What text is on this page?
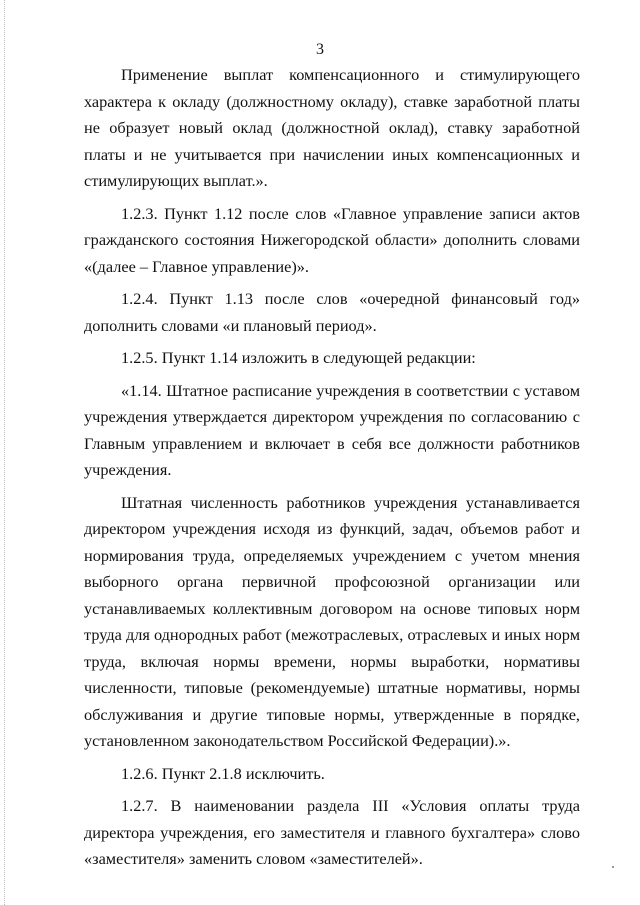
3

Применение выплат компенсационного и стимулирующего характера к окладу (должностному окладу), ставке заработной платы не образует новый оклад (должностной оклад), ставку заработной платы и не учитывается при начислении иных компенсационных и стимулирующих выплат.».

1.2.3. Пункт 1.12 после слов «Главное управление записи актов гражданского состояния Нижегородской области» дополнить словами «(далее – Главное управление)».

1.2.4. Пункт 1.13 после слов «очередной финансовый год» дополнить словами «и плановый период».

1.2.5. Пункт 1.14 изложить в следующей редакции:

«1.14. Штатное расписание учреждения в соответствии с уставом учреждения утверждается директором учреждения по согласованию с Главным управлением и включает в себя все должности работников учреждения.

Штатная численность работников учреждения устанавливается директором учреждения исходя из функций, задач, объемов работ и нормирования труда, определяемых учреждением с учетом мнения выборного органа первичной профсоюзной организации или устанавливаемых коллективным договором на основе типовых норм труда для однородных работ (межотраслевых, отраслевых и иных норм труда, включая нормы времени, нормы выработки, нормативы численности, типовые (рекомендуемые) штатные нормативы, нормы обслуживания и другие типовые нормы, утвержденные в порядке, установленном законодательством Российской Федерации).».

1.2.6. Пункт 2.1.8 исключить.

1.2.7. В наименовании раздела III «Условия оплаты труда директора учреждения, его заместителя и главного бухгалтера» слово «заместителя» заменить словом «заместителей».
